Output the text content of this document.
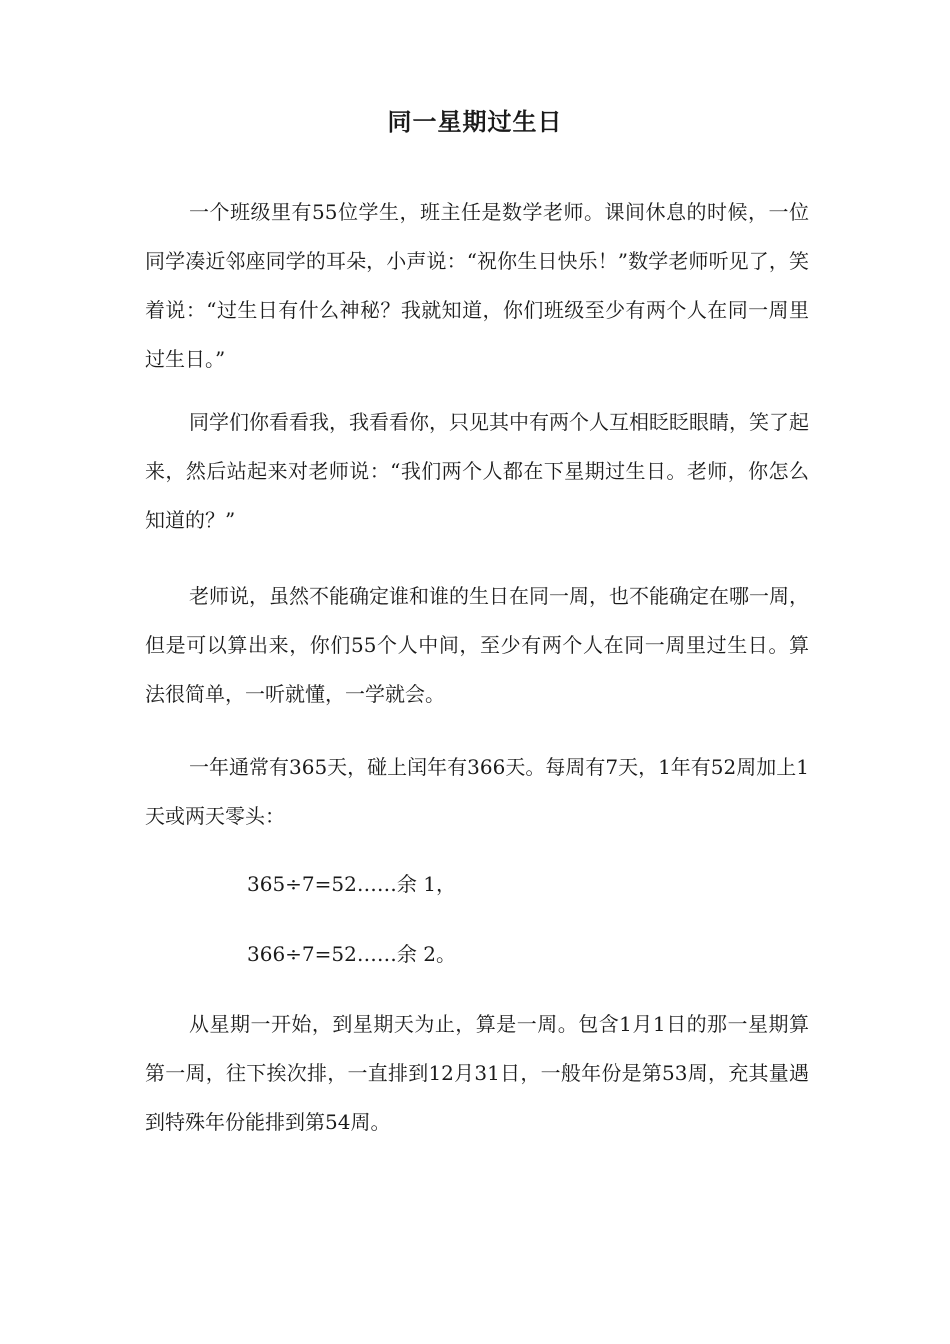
同一星期过生日

一个班级里有55位学生，班主任是数学老师。课间休息的时候，一位同学凑近邻座同学的耳朵，小声说：“祝你生日快乐！”数学老师听见了，笑着说：“过生日有什么神秘？我就知道，你们班级至少有两个人在同一周里过生日。”

同学们你看看我，我看看你，只见其中有两个人互相眨眨眼睛，笑了起来，然后站起来对老师说：“我们两个人都在下星期过生日。老师，你怎么知道的？”

老师说，虽然不能确定谁和谁的生日在同一周，也不能确定在哪一周，但是可以算出来，你们55个人中间，至少有两个人在同一周里过生日。算法很简单，一听就懂，一学就会。

一年通常有365天，碰上闰年有366天。每周有7天，1年有52周加上1天或两天零头：

365÷7=52……余 1，

366÷7=52……余 2。

从星期一开始，到星期天为止，算是一周。包含1月1日的那一星期算第一周，往下挨次排，一直排到12月31日，一般年份是第53周，充其量遇到特殊年份能排到第54周。
